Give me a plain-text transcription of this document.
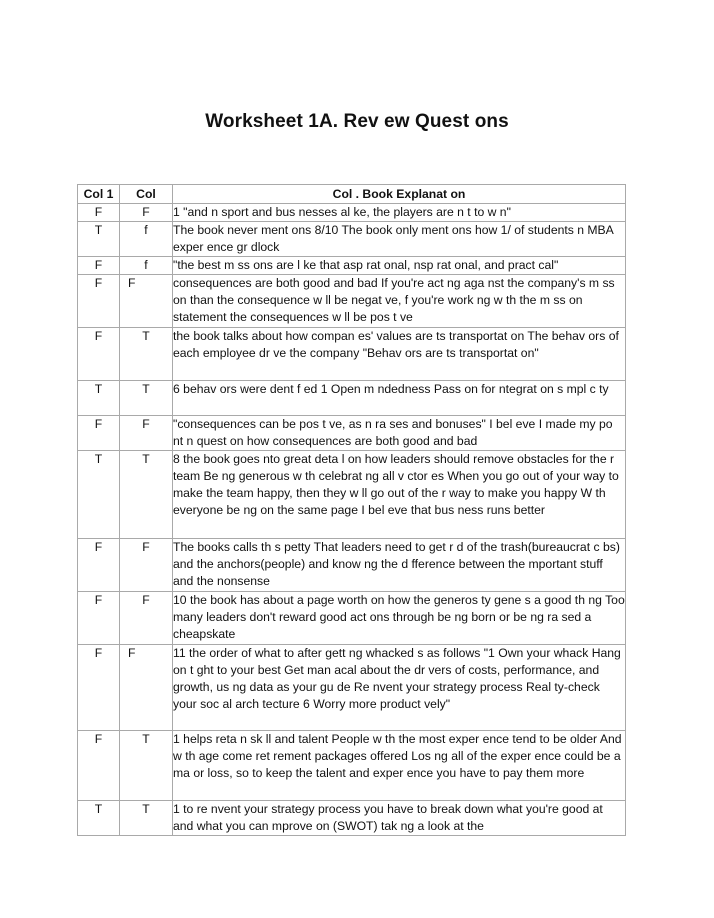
Worksheet 1A. Rev ew Quest ons
Col 1	Col	Col . Book Explanat on
F	F	1 "and n sport and bus nesses al ke, the players are n t to w n"
T	f	The book never ment ons 8/10 The book only ment ons how 1/ of students n MBA exper ence gr dlock
F	f	"the best m ss ons are l ke that asp rat onal, nsp rat onal, and pract cal"
F	F	consequences are both good and bad If you're act ng aga nst the company's m ss on than the consequence w ll be negat ve, f you're work ng w th the m ss on statement the consequences w ll be pos t ve
F	T	the book talks about how compan es' values are ts transportat on The behav ors of each employee dr ve the company "Behav ors are ts transportat on"
T	T	6 behav ors were dent f ed 1 Open m ndedness Pass on for ntegrat on s mpl c ty
F	F	"consequences can be pos t ve, as n ra ses and bonuses" I bel eve I made my po nt n quest on how consequences are both good and bad
T	T	8 the book goes nto great deta l on how leaders should remove obstacles for the r team Be ng generous w th celebrat ng all v ctor es When you go out of your way to make the team happy, then they w ll go out of the r way to make you happy W th everyone be ng on the same page I bel eve that bus ness runs better
F	F	The books calls th s petty That leaders need to get r d of the trash(bureaucrat c bs) and the anchors(people) and know ng the d fference between the mportant stuff and the nonsense
F	F	10 the book has about a page worth on how the generos ty gene s a good th ng Too many leaders don't reward good act ons through be ng born or be ng ra sed a cheapskate
F	F	11 the order of what to after gett ng whacked s as follows "1 Own your whack Hang on t ght to your best Get man acal about the dr vers of costs, performance, and growth, us ng data as your gu de Re nvent your strategy process Real ty-check your soc al arch tecture 6 Worry more product vely"
F	T	1 helps reta n sk ll and talent People w th the most exper ence tend to be older And w th age come ret rement packages offered Los ng all of the exper ence could be a ma or loss, so to keep the talent and exper ence you have to pay them more
T	T	1 to re nvent your strategy process you have to break down what you're good at and what you can mprove on (SWOT) tak ng a look at the
